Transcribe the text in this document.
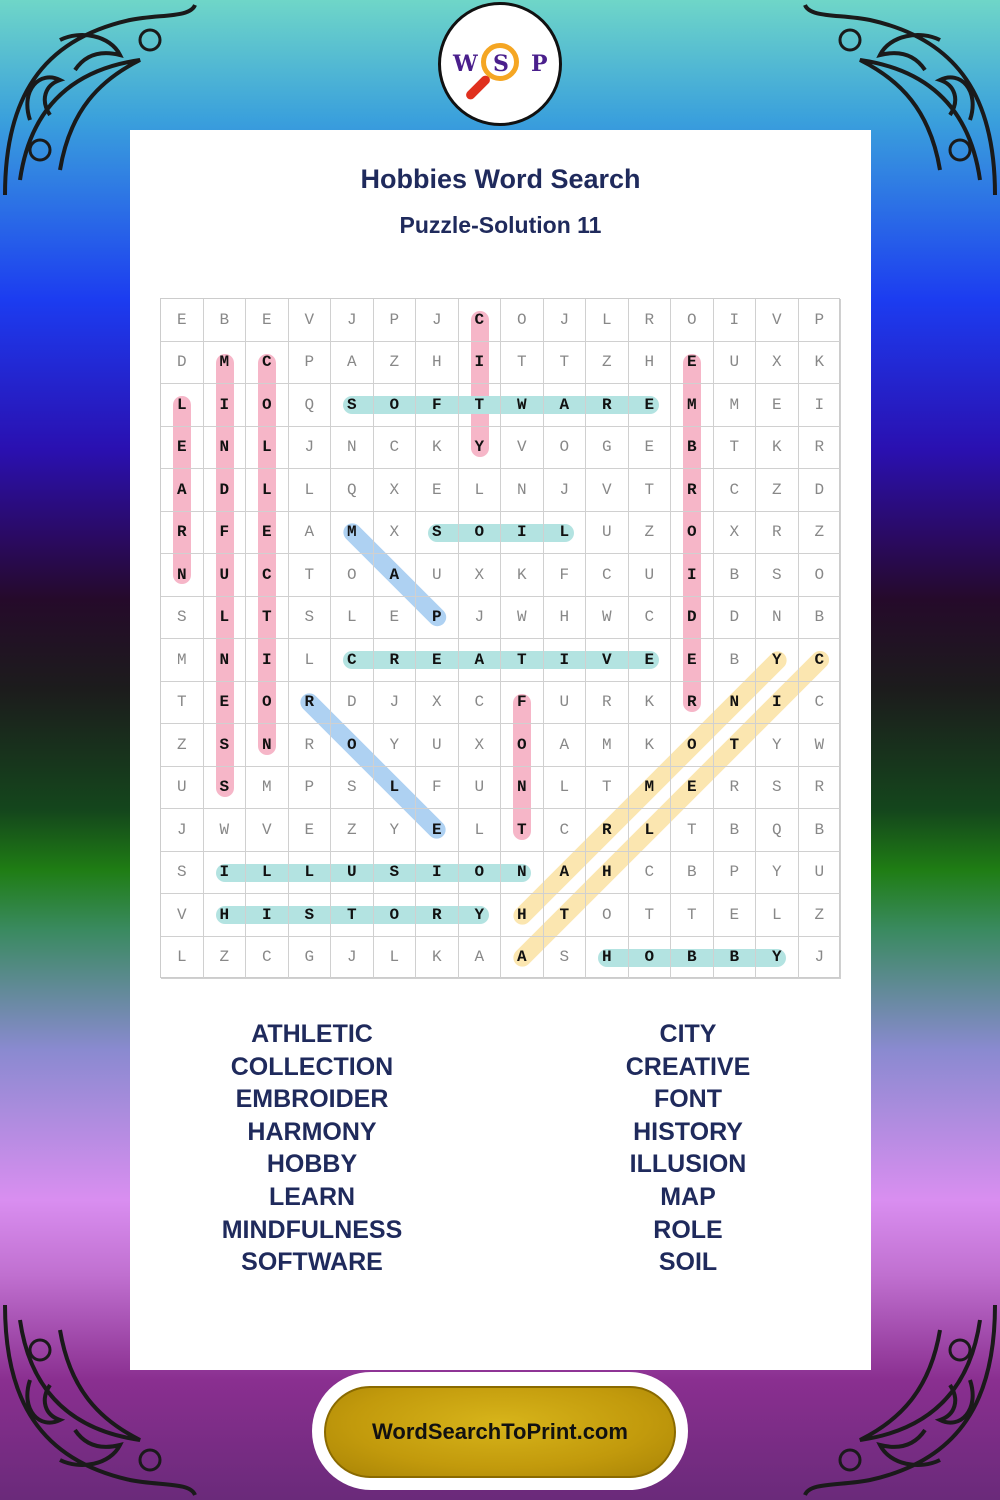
W S P
Hobbies Word Search
Puzzle-Solution 11
E	B	E	V	J	P	J	C	O	J	L	R	O	I	V	P
D	M	C	P	A	Z	H	I	T	T	Z	H	E	U	X	K
L	I	O	Q	S	O	F	T	W	A	R	E	M	M	E	I
E	N	L	J	N	C	K	Y	V	O	G	E	B	T	K	R
A	D	L	L	Q	X	E	L	N	J	V	T	R	C	Z	D
R	F	E	A	M	X	S	O	I	L	U	Z	O	X	R	Z
N	U	C	T	O	A	U	X	K	F	C	U	I	B	S	O
S	L	T	S	L	E	P	J	W	H	W	C	D	D	N	B
M	N	I	L	C	R	E	A	T	I	V	E	E	B	Y	C
T	E	O	R	D	J	X	C	F	U	R	K	R	N	I	C
Z	S	N	R	O	Y	U	X	O	A	M	K	O	T	Y	W
U	S	M	P	S	L	F	U	N	L	T	M	E	R	S	R
J	W	V	E	Z	Y	E	L	T	C	R	L	T	B	Q	B
S	I	L	L	U	S	I	O	N	A	H	C	B	P	Y	U
V	H	I	S	T	O	R	Y	H	T	O	T	T	E	L	Z
L	Z	C	G	J	L	K	A	A	S	H	O	B	B	Y	J
ATHLETIC
COLLECTION
EMBROIDER
HARMONY
HOBBY
LEARN
MINDFULNESS
SOFTWARE
CITY
CREATIVE
FONT
HISTORY
ILLUSION
MAP
ROLE
SOIL
WordSearchToPrint.com
